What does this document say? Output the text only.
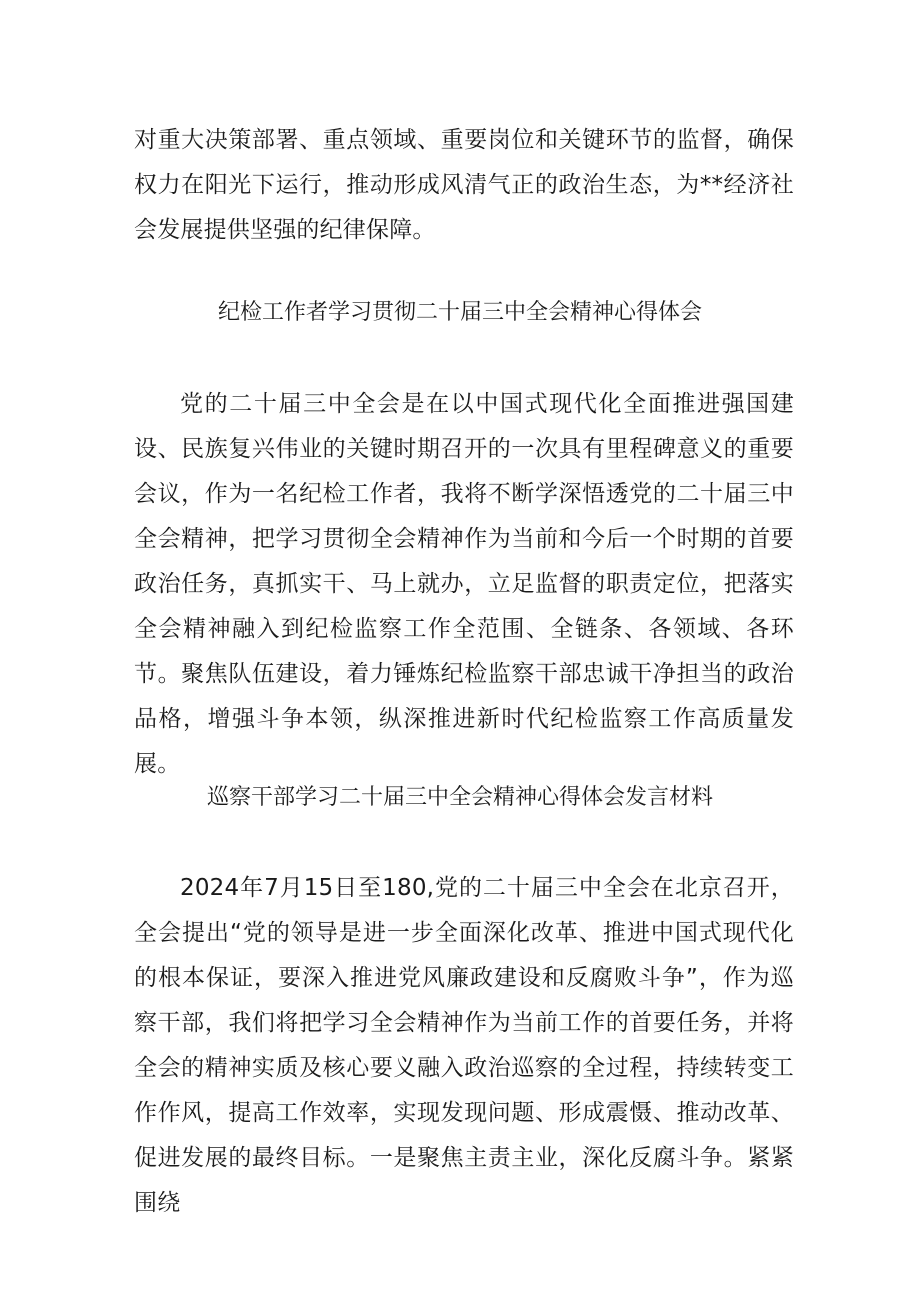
对重大决策部署、重点领域、重要岗位和关键环节的监督，确保权力在阳光下运行，推动形成风清气正的政治生态，为**经济社会发展提供坚强的纪律保障。

纪检工作者学习贯彻二十届三中全会精神心得体会

党的二十届三中全会是在以中国式现代化全面推进强国建设、民族复兴伟业的关键时期召开的一次具有里程碑意义的重要会议，作为一名纪检工作者，我将不断学深悟透党的二十届三中全会精神，把学习贯彻全会精神作为当前和今后一个时期的首要政治任务，真抓实干、马上就办，立足监督的职责定位，把落实全会精神融入到纪检监察工作全范围、全链条、各领域、各环节。聚焦队伍建设，着力锤炼纪检监察干部忠诚干净担当的政治品格，增强斗争本领，纵深推进新时代纪检监察工作高质量发展。

巡察干部学习二十届三中全会精神心得体会发言材料

2024年7月15日至180,党的二十届三中全会在北京召开，全会提出“党的领导是进一步全面深化改革、推进中国式现代化的根本保证，要深入推进党风廉政建设和反腐败斗争”，作为巡察干部，我们将把学习全会精神作为当前工作的首要任务，并将全会的精神实质及核心要义融入政治巡察的全过程，持续转变工作作风，提高工作效率，实现发现问题、形成震慑、推动改革、促进发展的最终目标。一是聚焦主责主业，深化反腐斗争。紧紧围绕
